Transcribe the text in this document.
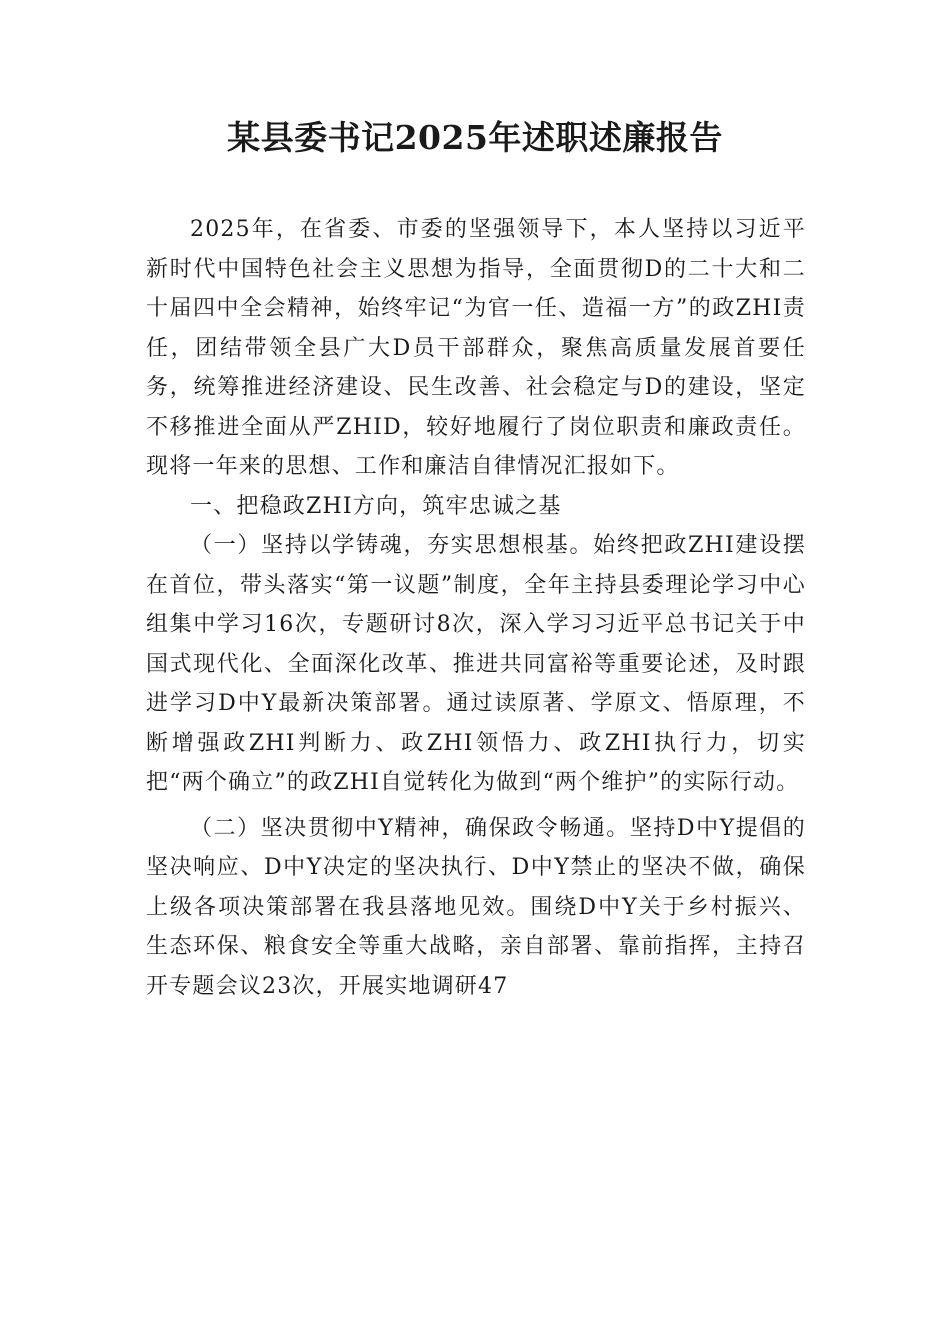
某县委书记2025年述职述廉报告

2025年，在省委、市委的坚强领导下，本人坚持以习近平新时代中国特色社会主义思想为指导，全面贯彻D的二十大和二十届四中全会精神，始终牢记“为官一任、造福一方”的政ZHI责任，团结带领全县广大D员干部群众，聚焦高质量发展首要任务，统筹推进经济建设、民生改善、社会稳定与D的建设，坚定不移推进全面从严ZHID，较好地履行了岗位职责和廉政责任。现将一年来的思想、工作和廉洁自律情况汇报如下。

一、把稳政ZHI方向，筑牢忠诚之基

（一）坚持以学铸魂，夯实思想根基。始终把政ZHI建设摆在首位，带头落实“第一议题”制度，全年主持县委理论学习中心组集中学习16次，专题研讨8次，深入学习习近平总书记关于中国式现代化、全面深化改革、推进共同富裕等重要论述，及时跟进学习D中Y最新决策部署。通过读原著、学原文、悟原理，不断增强政ZHI判断力、政ZHI领悟力、政ZHI执行力，切实把“两个确立”的政ZHI自觉转化为做到“两个维护”的实际行动。

（二）坚决贯彻中Y精神，确保政令畅通。坚持D中Y提倡的坚决响应、D中Y决定的坚决执行、D中Y禁止的坚决不做，确保上级各项决策部署在我县落地见效。围绕D中Y关于乡村振兴、生态环保、粮食安全等重大战略，亲自部署、靠前指挥，主持召开专题会议23次，开展实地调研47
